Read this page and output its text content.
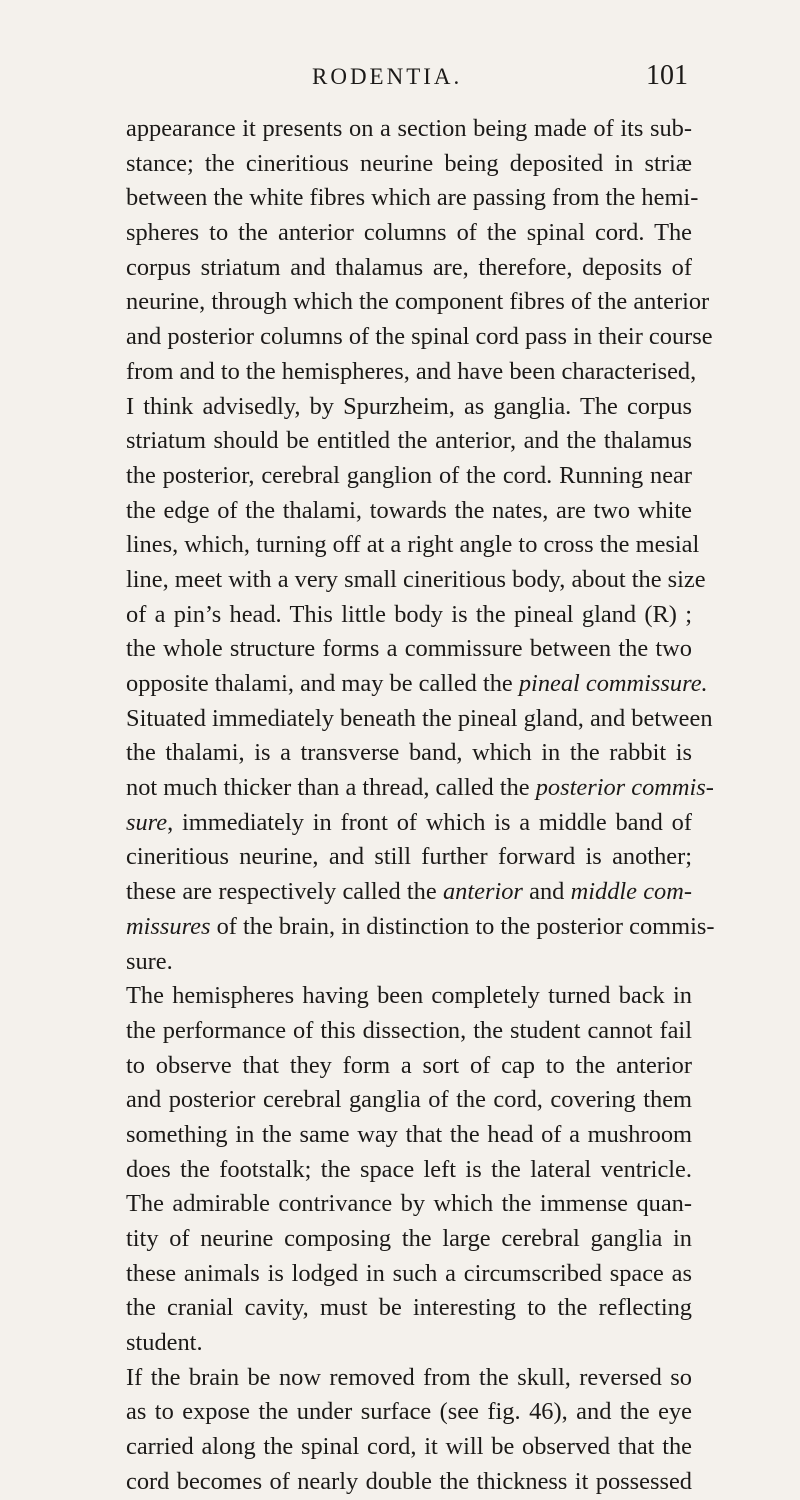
RODENTIA.	101
appearance it presents on a section being made of its sub-
stance; the cineritious neurine being deposited in striæ
between the white fibres which are passing from the hemi-
spheres to the anterior columns of the spinal cord. The
corpus striatum and thalamus are, therefore, deposits of
neurine, through which the component fibres of the anterior
and posterior columns of the spinal cord pass in their course
from and to the hemispheres, and have been characterised,
I think advisedly, by Spurzheim, as ganglia. The corpus
striatum should be entitled the anterior, and the thalamus
the posterior, cerebral ganglion of the cord. Running near
the edge of the thalami, towards the nates, are two white
lines, which, turning off at a right angle to cross the mesial
line, meet with a very small cineritious body, about the size
of a pin’s head. This little body is the pineal gland (R) ;
the whole structure forms a commissure between the two
opposite thalami, and may be called the pineal commissure.
Situated immediately beneath the pineal gland, and between
the thalami, is a transverse band, which in the rabbit is
not much thicker than a thread, called the posterior commis-
sure, immediately in front of which is a middle band of
cineritious neurine, and still further forward is another;
these are respectively called the anterior and middle com-
missures of the brain, in distinction to the posterior commis-
sure.
The hemispheres having been completely turned back in
the performance of this dissection, the student cannot fail
to observe that they form a sort of cap to the anterior
and posterior cerebral ganglia of the cord, covering them
something in the same way that the head of a mushroom
does the footstalk; the space left is the lateral ventricle.
The admirable contrivance by which the immense quan-
tity of neurine composing the large cerebral ganglia in
these animals is lodged in such a circumscribed space as
the cranial cavity, must be interesting to the reflecting
student.
If the brain be now removed from the skull, reversed so
as to expose the under surface (see fig. 46), and the eye
carried along the spinal cord, it will be observed that the
cord becomes of nearly double the thickness it possessed
